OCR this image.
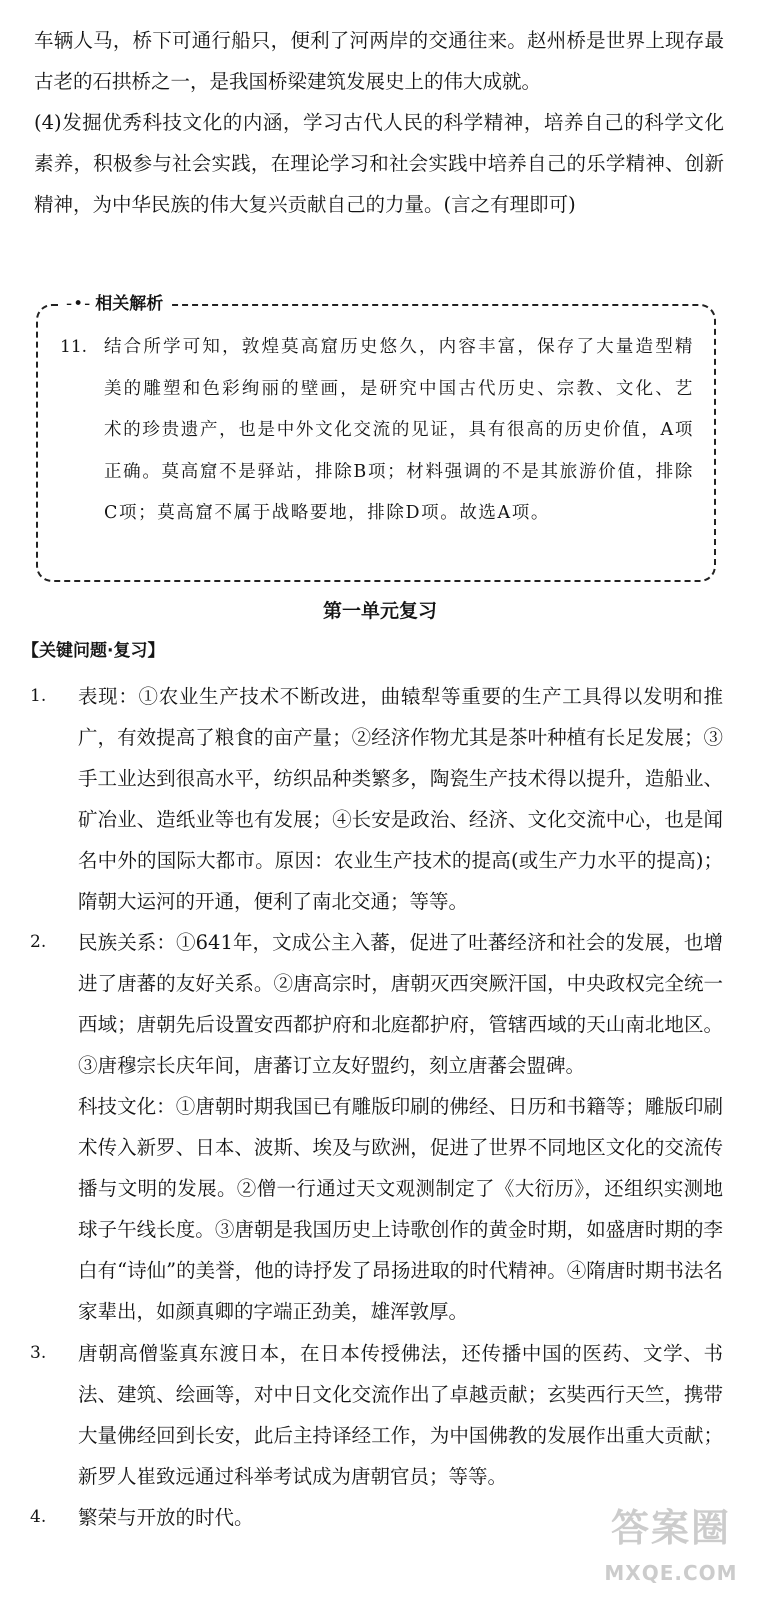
车辆人马，桥下可通行船只，便利了河两岸的交通往来。赵州桥是世界上现存最古老的石拱桥之一，是我国桥梁建筑发展史上的伟大成就。

(4)发掘优秀科技文化的内涵，学习古代人民的科学精神，培养自己的科学文化素养，积极参与社会实践，在理论学习和社会实践中培养自己的乐学精神、创新精神，为中华民族的伟大复兴贡献自己的力量。(言之有理即可)

-•- 相关解析
11. 结合所学可知，敦煌莫高窟历史悠久，内容丰富，保存了大量造型精美的雕塑和色彩绚丽的壁画，是研究中国古代历史、宗教、文化、艺术的珍贵遗产，也是中外文化交流的见证，具有很高的历史价值，A项正确。莫高窟不是驿站，排除B项；材料强调的不是其旅游价值，排除C项；莫高窟不属于战略要地，排除D项。故选A项。

第一单元复习
【关键问题·复习】
1. 表现：①农业生产技术不断改进，曲辕犁等重要的生产工具得以发明和推广，有效提高了粮食的亩产量；②经济作物尤其是茶叶种植有长足发展；③手工业达到很高水平，纺织品种类繁多，陶瓷生产技术得以提升，造船业、矿冶业、造纸业等也有发展；④长安是政治、经济、文化交流中心，也是闻名中外的国际大都市。原因：农业生产技术的提高(或生产力水平的提高)；隋朝大运河的开通，便利了南北交通；等等。

2. 民族关系：①641年，文成公主入蕃，促进了吐蕃经济和社会的发展，也增进了唐蕃的友好关系。②唐高宗时，唐朝灭西突厥汗国，中央政权完全统一西域；唐朝先后设置安西都护府和北庭都护府，管辖西域的天山南北地区。③唐穆宗长庆年间，唐蕃订立友好盟约，刻立唐蕃会盟碑。

科技文化：①唐朝时期我国已有雕版印刷的佛经、日历和书籍等；雕版印刷术传入新罗、日本、波斯、埃及与欧洲，促进了世界不同地区文化的交流传播与文明的发展。②僧一行通过天文观测制定了《大衍历》，还组织实测地球子午线长度。③唐朝是我国历史上诗歌创作的黄金时期，如盛唐时期的李白有“诗仙”的美誉，他的诗抒发了昂扬进取的时代精神。④隋唐时期书法名家辈出，如颜真卿的字端正劲美，雄浑敦厚。

3. 唐朝高僧鉴真东渡日本，在日本传授佛法，还传播中国的医药、文学、书法、建筑、绘画等，对中日文化交流作出了卓越贡献；玄奘西行天竺，携带大量佛经回到长安，此后主持译经工作，为中国佛教的发展作出重大贡献；新罗人崔致远通过科举考试成为唐朝官员；等等。

4. 繁荣与开放的时代。	答案圈
MXQE.COM
